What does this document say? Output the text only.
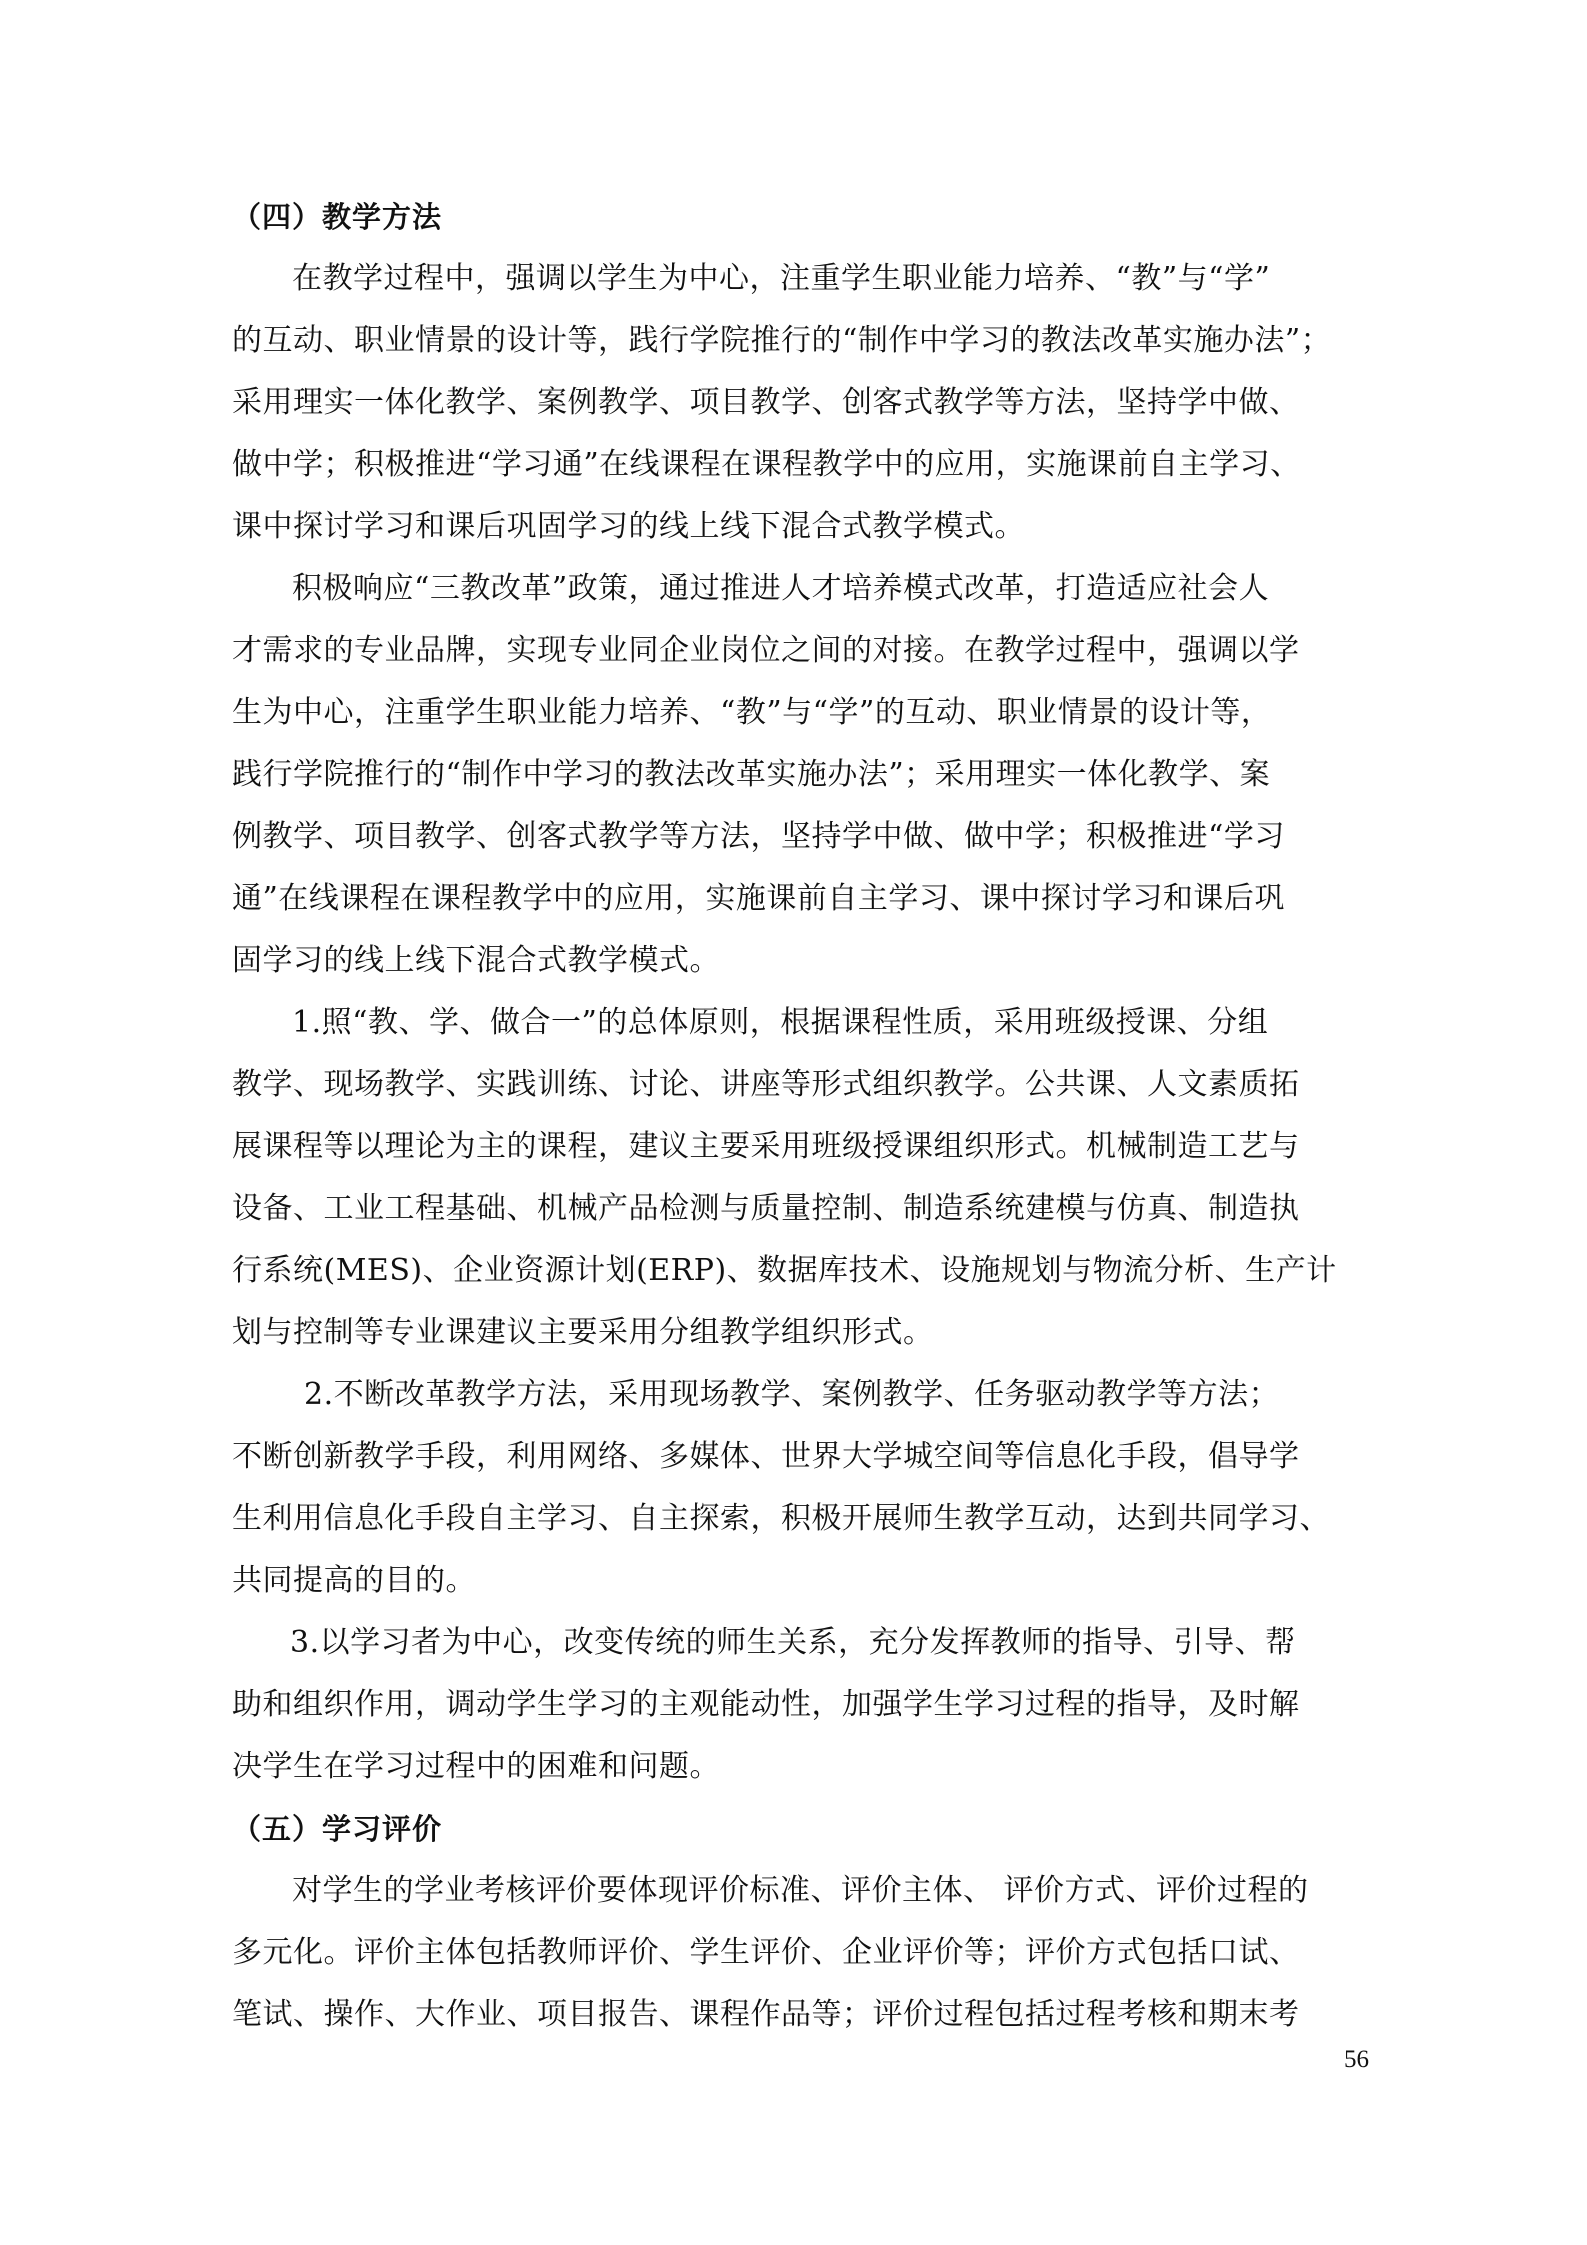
（四）教学方法

在教学过程中，强调以学生为中心，注重学生职业能力培养、“教”与“学”
的互动、职业情景的设计等，践行学院推行的“制作中学习的教法改革实施办法”；
采用理实一体化教学、案例教学、项目教学、创客式教学等方法，坚持学中做、
做中学；积极推进“学习通”在线课程在课程教学中的应用，实施课前自主学习、
课中探讨学习和课后巩固学习的线上线下混合式教学模式。

积极响应“三教改革”政策，通过推进人才培养模式改革，打造适应社会人
才需求的专业品牌，实现专业同企业岗位之间的对接。在教学过程中，强调以学
生为中心，注重学生职业能力培养、“教”与“学”的互动、职业情景的设计等，
践行学院推行的“制作中学习的教法改革实施办法”；采用理实一体化教学、案
例教学、项目教学、创客式教学等方法，坚持学中做、做中学；积极推进“学习
通”在线课程在课程教学中的应用，实施课前自主学习、课中探讨学习和课后巩
固学习的线上线下混合式教学模式。

1.照“教、学、做合一”的总体原则，根据课程性质，采用班级授课、分组
教学、现场教学、实践训练、讨论、讲座等形式组织教学。公共课、人文素质拓
展课程等以理论为主的课程，建议主要采用班级授课组织形式。机械制造工艺与
设备、工业工程基础、机械产品检测与质量控制、制造系统建模与仿真、制造执
行系统(MES)、企业资源计划(ERP)、数据库技术、设施规划与物流分析、生产计
划与控制等专业课建议主要采用分组教学组织形式。

2.不断改革教学方法，采用现场教学、案例教学、任务驱动教学等方法；
不断创新教学手段，利用网络、多媒体、世界大学城空间等信息化手段，倡导学
生利用信息化手段自主学习、自主探索，积极开展师生教学互动，达到共同学习、
共同提高的目的。

3.以学习者为中心，改变传统的师生关系，充分发挥教师的指导、引导、帮
助和组织作用，调动学生学习的主观能动性，加强学生学习过程的指导，及时解
决学生在学习过程中的困难和问题。

（五）学习评价

对学生的学业考核评价要体现评价标准、评价主体、 评价方式、评价过程的
多元化。评价主体包括教师评价、学生评价、企业评价等；评价方式包括口试、
笔试、操作、大作业、项目报告、课程作品等；评价过程包括过程考核和期末考

56
